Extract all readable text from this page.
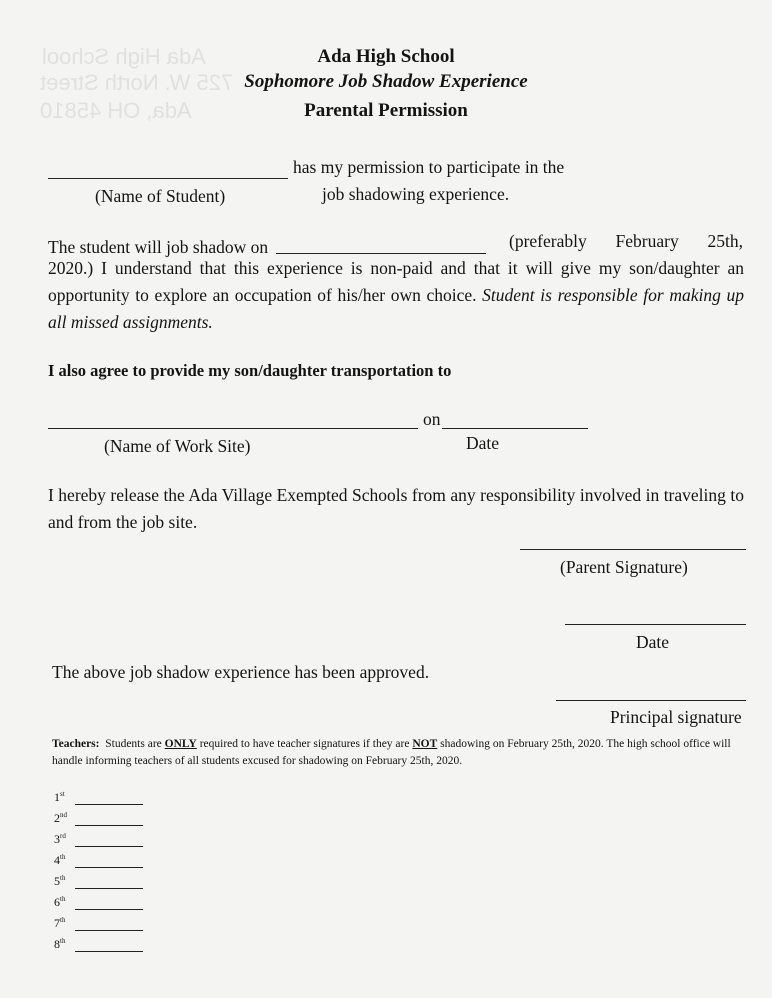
Ada High School
725 W. North Street
Ada, OH 45810
Ada High School
Sophomore Job Shadow Experience
Parental Permission
has my permission to participate in the
(Name of Student)	job shadowing experience.
The student will job shadow on	(preferably  February  25th,
2020.) I understand that this experience is non-paid and that it will give my son/daughter an opportunity to explore an occupation of his/her own choice. Student is responsible for making up all missed assignments.
I also agree to provide my son/daughter transportation to
on
(Name of Work Site)	Date
I hereby release the Ada Village Exempted Schools from any responsibility involved in traveling to and from the job site.
(Parent Signature)
Date
The above job shadow experience has been approved.
Principal signature
Teachers: Students are ONLY required to have teacher signatures if they are NOT shadowing on February 25th, 2020. The high school office will handle informing teachers of all students excused for shadowing on February 25th, 2020.
1st
2nd
3rd
4th
5th
6th
7th
8th
